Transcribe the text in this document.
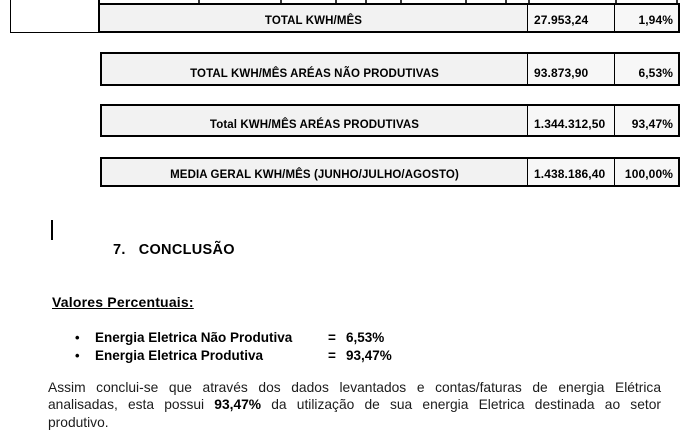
TOTAL KWH/MÊS	27.953,24	1,94%
TOTAL KWH/MÊS ARÉAS NÃO PRODUTIVAS	93.873,90	6,53%
Total KWH/MÊS ARÉAS PRODUTIVAS	1.344.312,50	93,47%
MEDIA GERAL KWH/MÊS (JUNHO/JULHO/AGOSTO)	1.438.186,40	100,00%
7. CONCLUSÃO
Valores Percentuais:
•	Energia Eletrica Não Produtiva	= 6,53%
•	Energia Eletrica Produtiva	= 93,47%
Assim conclui-se que através dos dados levantados e contas/faturas de energia Elétrica
analisadas, esta possui 93,47% da utilização de sua energia Eletrica destinada ao setor
produtivo.
